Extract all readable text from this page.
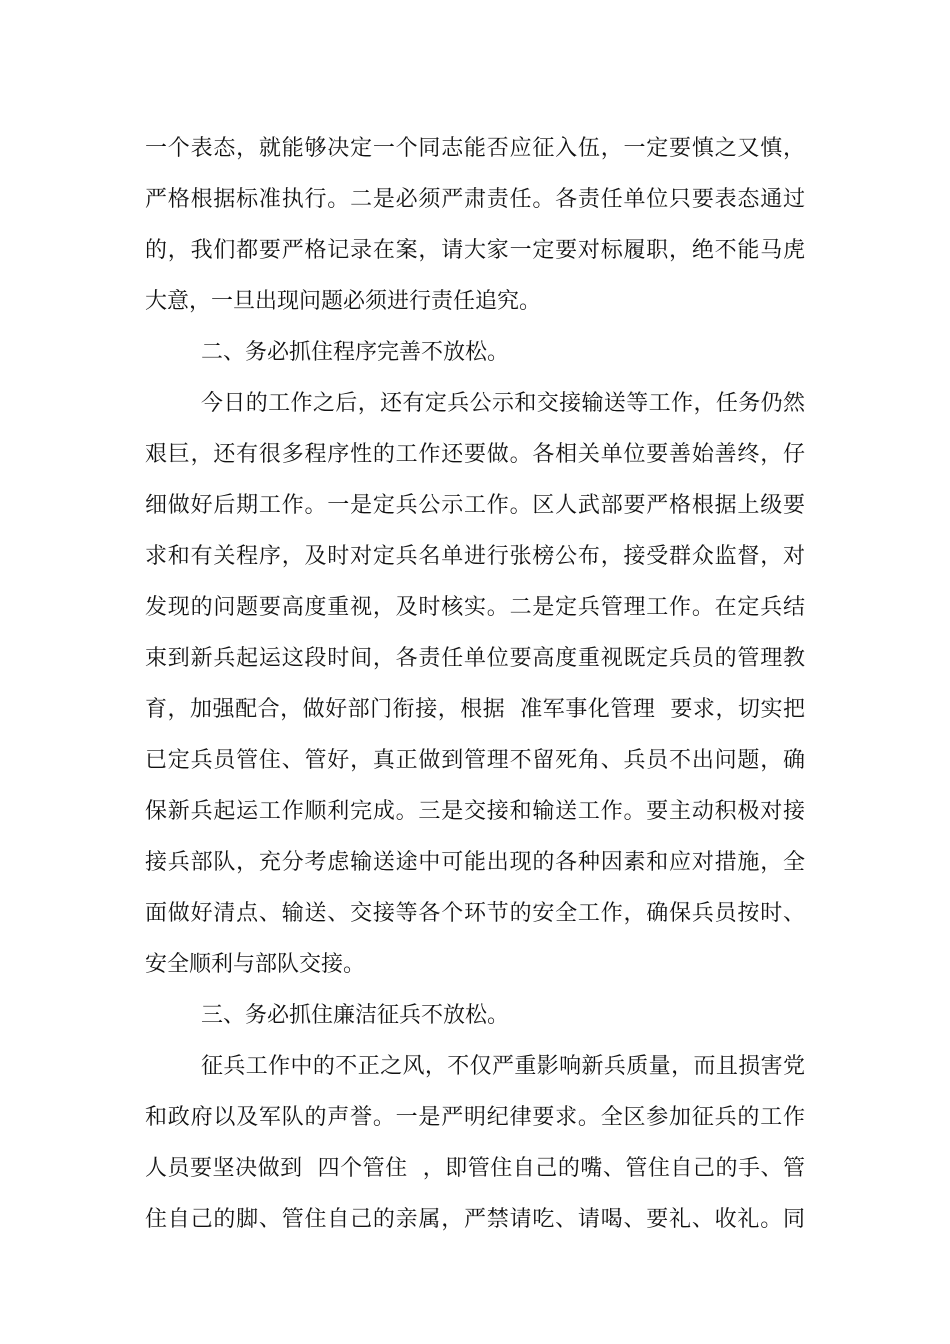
一个表态，就能够决定一个同志能否应征入伍，一定要慎之又慎，
严格根据标准执行。二是必须严肃责任。各责任单位只要表态通过
的，我们都要严格记录在案，请大家一定要对标履职，绝不能马虎
大意，一旦出现问题必须进行责任追究。
二、务必抓住程序完善不放松。
今日的工作之后，还有定兵公示和交接输送等工作，任务仍然
艰巨，还有很多程序性的工作还要做。各相关单位要善始善终，仔
细做好后期工作。一是定兵公示工作。区人武部要严格根据上级要
求和有关程序，及时对定兵名单进行张榜公布，接受群众监督，对
发现的问题要高度重视，及时核实。二是定兵管理工作。在定兵结
束到新兵起运这段时间，各责任单位要高度重视既定兵员的管理教
育，加强配合，做好部门衔接，根据  准军事化管理  要求，切实把
已定兵员管住、管好，真正做到管理不留死角、兵员不出问题，确
保新兵起运工作顺利完成。三是交接和输送工作。要主动积极对接
接兵部队，充分考虑输送途中可能出现的各种因素和应对措施，全
面做好清点、输送、交接等各个环节的安全工作，确保兵员按时、
安全顺利与部队交接。
三、务必抓住廉洁征兵不放松。
征兵工作中的不正之风，不仅严重影响新兵质量，而且损害党
和政府以及军队的声誉。一是严明纪律要求。全区参加征兵的工作
人员要坚决做到  四个管住  ，即管住自己的嘴、管住自己的手、管
住自己的脚、管住自己的亲属，严禁请吃、请喝、要礼、收礼。同
